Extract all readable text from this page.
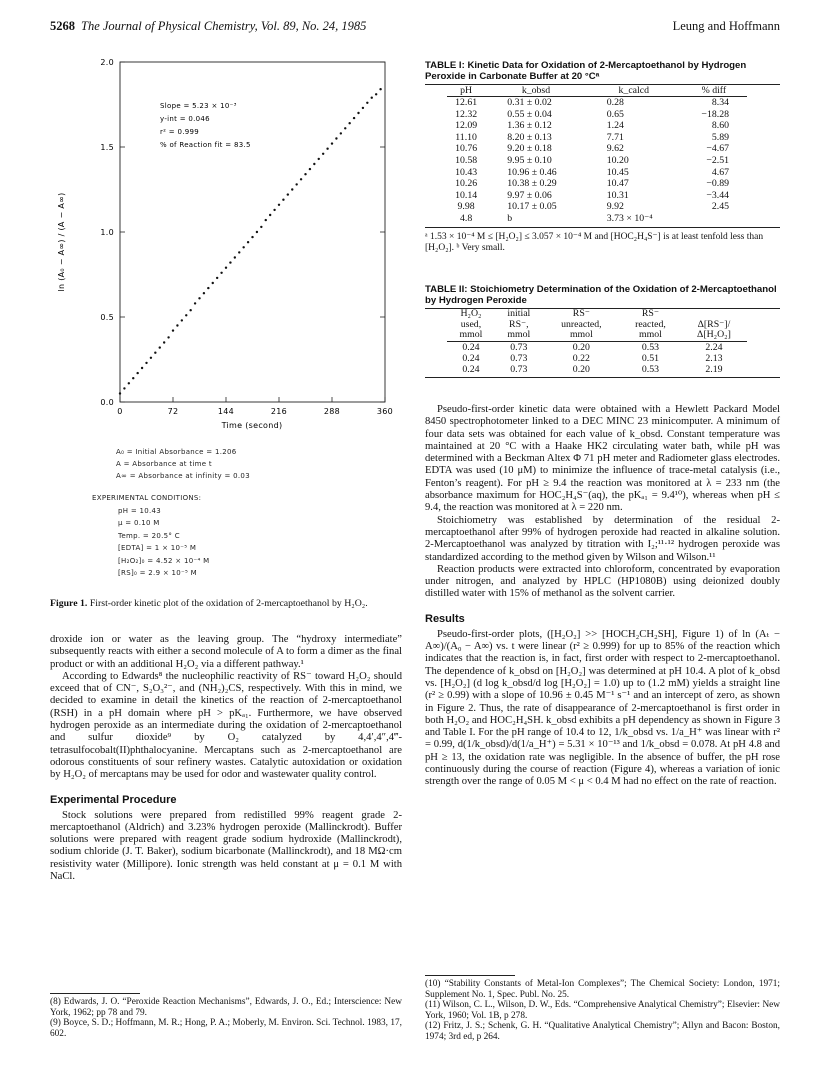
5268 The Journal of Physical Chemistry, Vol. 89, No. 24, 1985	Leung and Hoffmann
0	72	144	216	288	360
0.0
0.5
1.0
1.5
2.0
ln (A₀ − A∞) / (A − A∞)
Time (second)
Slope = 5.23 × 10⁻³
y-int = 0.046
r² = 0.999
% of Reaction fit = 83.5
A₀ = Initial Absorbance = 1.206
A = Absorbance at time t
A∞ = Absorbance at infinity = 0.03
EXPERIMENTAL CONDITIONS:
pH = 10.43
μ = 0.10 M
Temp. = 20.5° C
[EDTA] = 1 × 10⁻⁵ M
[H₂O₂]₀ = 4.52 × 10⁻⁴ M
[RS]₀ = 2.9 × 10⁻⁵ M

Figure 1. First-order kinetic plot of the oxidation of 2-mercaptoethanol by H₂O₂.

droxide ion or water as the leaving group. The “hydroxy intermediate” subsequently reacts with either a second molecule of A to form a dimer as the final product or with an additional H₂O₂ via a different pathway.¹

According to Edwards⁸ the nucleophilic reactivity of RS⁻ toward H₂O₂ should exceed that of CN⁻, S₂O₃²⁻, and (NH₂)₂CS, respectively. With this in mind, we decided to examine in detail the kinetics of the reaction of 2-mercaptoethanol (RSH) in a pH domain where pH > pKₐ₁. Furthermore, we have observed hydrogen peroxide as an intermediate during the oxidation of 2-mercaptoethanol and sulfur dioxide⁹ by O₂ catalyzed by 4,4′,4″,4‴-tetrasulfocobalt(II)phthalocyanine. Mercaptans such as 2-mercaptoethanol are odorous constituents of sour refinery wastes. Catalytic autoxidation or oxidation by H₂O₂ of mercaptans may be used for odor and wastewater quality control.

Experimental Procedure

Stock solutions were prepared from redistilled 99% reagent grade 2-mercaptoethanol (Aldrich) and 3.23% hydrogen peroxide (Mallinckrodt). Buffer solutions were prepared with reagent grade sodium hydroxide (Mallinckrodt), sodium chloride (J. T. Baker), sodium bicarbonate (Mallinckrodt), and 18 MΩ·cm resistivity water (Millipore). Ionic strength was held constant at μ = 0.1 M with NaCl.

(8) Edwards, J. O. “Peroxide Reaction Mechanisms”, Edwards, J. O., Ed.; Interscience: New York, 1962; pp 78 and 79.

(9) Boyce, S. D.; Hoffmann, M. R.; Hong, P. A.; Moberly, M. Environ. Sci. Technol. 1983, 17, 602.

TABLE I: Kinetic Data for Oxidation of 2-Mercaptoethanol by Hydrogen Peroxide in Carbonate Buffer at 20 °Cᵃ
pH	k_obsd	k_calcd	% diff
12.61	0.31 ± 0.02	0.28	8.34
12.32	0.55 ± 0.04	0.65	−18.28
12.09	1.36 ± 0.12	1.24	8.60
11.10	8.20 ± 0.13	7.71	5.89
10.76	9.20 ± 0.18	9.62	−4.67
10.58	9.95 ± 0.10	10.20	−2.51
10.43	10.96 ± 0.46	10.45	4.67
10.26	10.38 ± 0.29	10.47	−0.89
10.14	9.97 ± 0.06	10.31	−3.44
9.98	10.17 ± 0.05	9.92	2.45
4.8	b	3.73 × 10⁻⁴	

ᵃ 1.53 × 10⁻⁴ M ≤ [H₂O₂] ≤ 3.057 × 10⁻⁴ M and [HOC₂H₄S⁻] is at least tenfold less than [H₂O₂]. ᵇ Very small.

TABLE II: Stoichiometry Determination of the Oxidation of 2-Mercaptoethanol by Hydrogen Peroxide
H₂O₂	initial	RS⁻	RS⁻	
used,	RS⁻,	unreacted,	reacted,	Δ[RS⁻]/
mmol	mmol	mmol	mmol	Δ[H₂O₂]
0.24	0.73	0.20	0.53	2.24
0.24	0.73	0.22	0.51	2.13
0.24	0.73	0.20	0.53	2.19

Pseudo-first-order kinetic data were obtained with a Hewlett Packard Model 8450 spectrophotometer linked to a DEC MINC 23 minicomputer. A minimum of four data sets was obtained for each value of k_obsd. Constant temperature was maintained at 20 °C with a Haake HK2 circulating water bath, while pH was determined with a Beckman Altex Φ 71 pH meter and Radiometer glass electrodes. EDTA was used (10 μM) to minimize the influence of trace-metal catalysis (i.e., Fenton’s reagent). For pH ≥ 9.4 the reaction was monitored at λ = 233 nm (the absorbance maximum for HOC₂H₄S⁻(aq), the pKₐ₁ = 9.4¹⁰), whereas when pH ≤ 9.4, the reaction was monitored at λ = 220 nm.

Stoichiometry was established by determination of the residual 2-mercaptoethanol after 99% of hydrogen peroxide had reacted in alkaline solution. 2-Mercaptoethanol was analyzed by titration with I₂;¹¹·¹² hydrogen peroxide was standardized according to the method given by Wilson and Wilson.¹¹

Reaction products were extracted into chloroform, concentrated by evaporation under nitrogen, and analyzed by HPLC (HP1080B) using deionized doubly distilled water with 15% of methanol as the solvent carrier.

Results

Pseudo-first-order plots, ([H₂O₂] >> [HOCH₂CH₂SH], Figure 1) of ln (Aₜ − A∞)/(A₀ − A∞) vs. t were linear (r² ≥ 0.999) for up to 85% of the reaction which indicates that the reaction is, in fact, first order with respect to 2-mercaptoethanol. The dependence of k_obsd on [H₂O₂] was determined at pH 10.4. A plot of k_obsd vs. [H₂O₂] (d log k_obsd/d log [H₂O₂] = 1.0) up to (1.2 mM) yields a straight line (r² ≥ 0.99) with a slope of 10.96 ± 0.45 M⁻¹ s⁻¹ and an intercept of zero, as shown in Figure 2. Thus, the rate of disappearance of 2-mercaptoethanol is first order in both H₂O₂ and HOC₂H₄SH. k_obsd exhibits a pH dependency as shown in Figure 3 and Table I. For the pH range of 10.4 to 12, 1/k_obsd vs. 1/a_H⁺ was linear with r² = 0.99, d(1/k_obsd)/d(1/a_H⁺) = 5.31 × 10⁻¹³ and 1/k_obsd = 0.078. At pH 4.8 and pH ≥ 13, the oxidation rate was negligible. In the absence of buffer, the pH rose continuously during the course of reaction (Figure 4), whereas a variation of ionic strength over the range of 0.05 M < μ < 0.4 M had no effect on the rate of reaction.

(10) “Stability Constants of Metal-Ion Complexes”; The Chemical Society: London, 1971; Supplement No. 1, Spec. Publ. No. 25.

(11) Wilson, C. L., Wilson, D. W., Eds. “Comprehensive Analytical Chemistry”; Elsevier: New York, 1960; Vol. 1B, p 278.

(12) Fritz, J. S.; Schenk, G. H. “Qualitative Analytical Chemistry”; Allyn and Bacon: Boston, 1974; 3rd ed, p 264.
